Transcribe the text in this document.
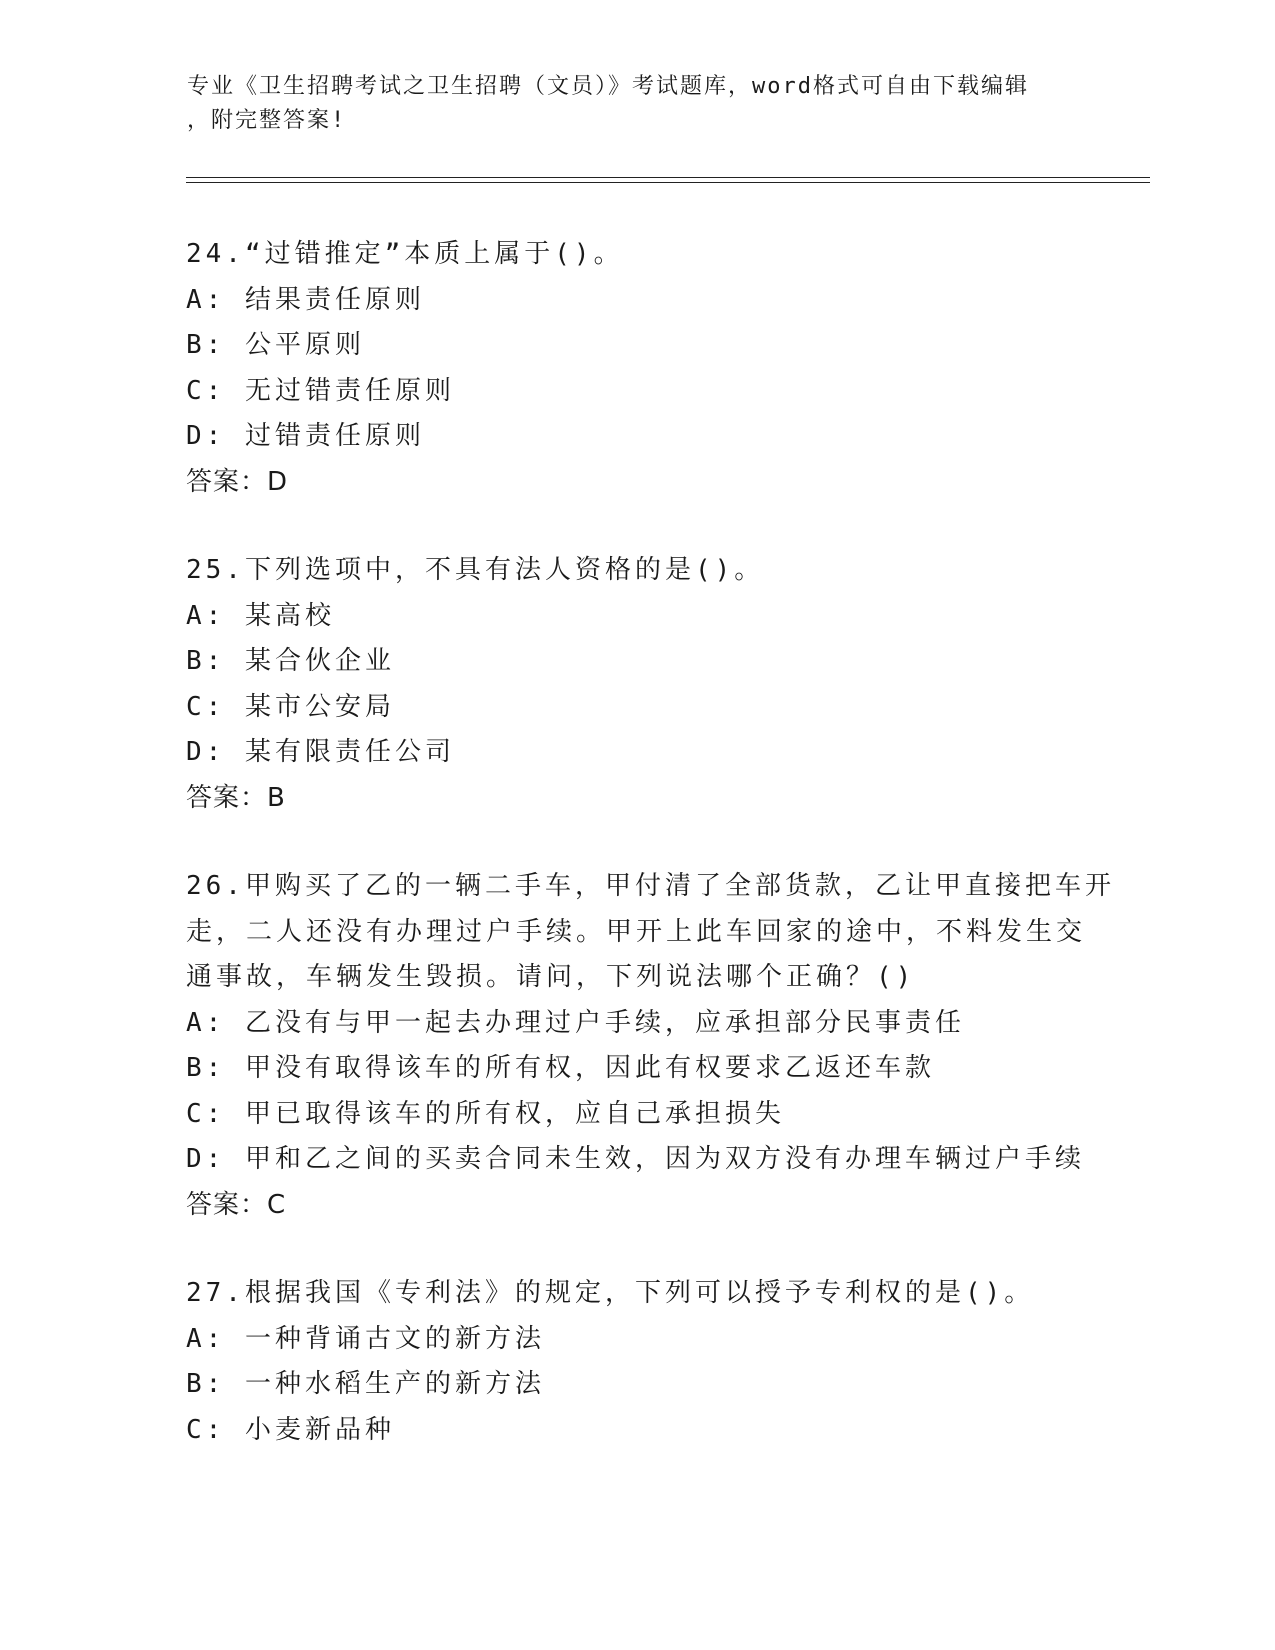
专业《卫生招聘考试之卫生招聘（文员）》考试题库，word格式可自由下载编辑
，附完整答案!
24.“过错推定”本质上属于()。
A: 结果责任原则
B: 公平原则
C: 无过错责任原则
D: 过错责任原则
答案：D
25.下列选项中，不具有法人资格的是()。
A: 某高校
B: 某合伙企业
C: 某市公安局
D: 某有限责任公司
答案：B
26.甲购买了乙的一辆二手车，甲付清了全部货款，乙让甲直接把车开
走，二人还没有办理过户手续。甲开上此车回家的途中，不料发生交
通事故，车辆发生毁损。请问，下列说法哪个正确？()
A: 乙没有与甲一起去办理过户手续，应承担部分民事责任
B: 甲没有取得该车的所有权，因此有权要求乙返还车款
C: 甲已取得该车的所有权，应自己承担损失
D: 甲和乙之间的买卖合同未生效，因为双方没有办理车辆过户手续
答案：C
27.根据我国《专利法》的规定，下列可以授予专利权的是()。
A: 一种背诵古文的新方法
B: 一种水稻生产的新方法
C: 小麦新品种
